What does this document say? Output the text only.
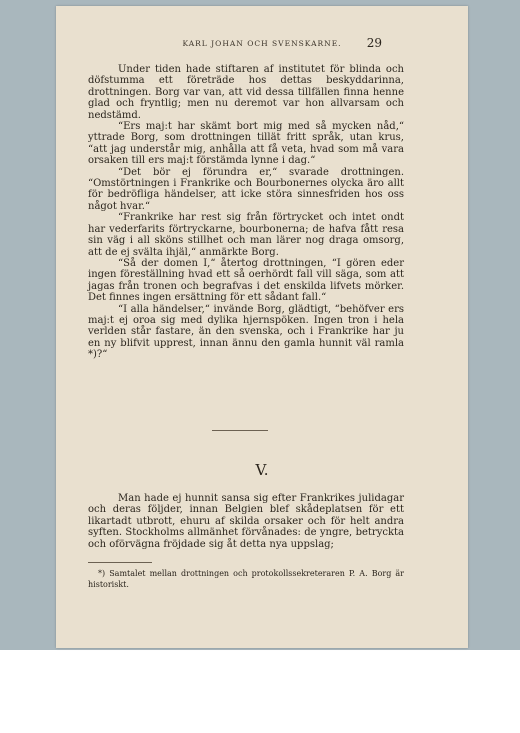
KARL JOHAN OCH SVENSKARNE.	29

Under tiden hade stiftaren af institutet för blinda och döfstumma ett företräde hos dettas beskyddarinna, drottningen. Borg var van, att vid dessa tillfällen finna henne glad och fryntlig; men nu deremot var hon allvarsam och nedstämd.

“Ers maj:t har skämt bort mig med så mycken nåd,“ yttrade Borg, som drottningen tillät fritt språk, utan krus, “att jag understår mig, anhålla att få veta, hvad som må vara orsaken till ers maj:t förstämda lynne i dag.“

“Det bör ej förundra er,“ svarade drottningen. “Omstörtningen i Frankrike och Bourbonernes olycka äro allt för bedröfliga händelser, att icke störa sinnesfriden hos oss något hvar.“

“Frankrike har rest sig från förtrycket och intet ondt har vederfarits förtryckarne, bourbonerna; de hafva fått resa sin väg i all sköns stillhet och man lärer nog draga omsorg, att de ej svälta ihjäl,“ anmärkte Borg.

“Så der domen I,“ återtog drottningen, “I gören eder ingen föreställning hvad ett så oerhördt fall vill säga, som att jagas från tronen och begrafvas i det enskilda lifvets mörker. Det finnes ingen ersättning för ett sådant fall.“

“I alla händelser,“ invände Borg, glädtigt, “behöfver ers maj:t ej oroa sig med dylika hjernspöken. Ingen tron i hela verlden står fastare, än den svenska, och i Frankrike har ju en ny blifvit upprest, innan ännu den gamla hunnit väl ramla *)?“

V.

Man hade ej hunnit sansa sig efter Frankrikes julidagar och deras följder, innan Belgien blef skådeplatsen för ett likartadt utbrott, ehuru af skilda orsaker och för helt andra syften. Stockholms allmänhet förvånades: de yngre, betryckta och oförvägna fröjdade sig åt detta nya uppslag;

*) Samtalet mellan drottningen och protokollssekreteraren P. A. Borg är historiskt.
